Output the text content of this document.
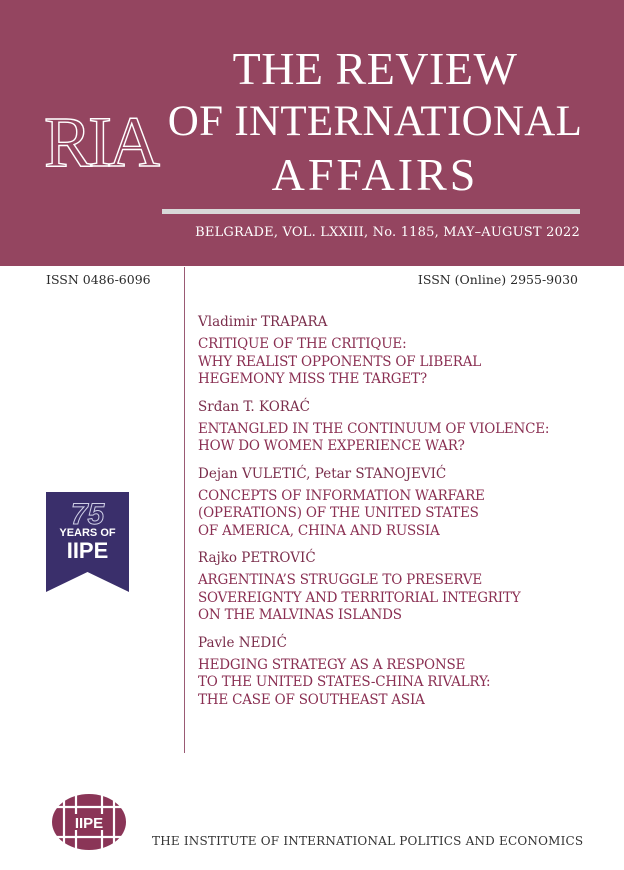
RIA
THE REVIEW
OF INTERNATIONAL
AFFAIRS
BELGRADE, VOL. LXXIII, No. 1185, MAY–AUGUST 2022
ISSN 0486-6096	ISSN (Online) 2955-9030
75
YEARS OF
IIPE
Vladimir TRAPARA
CRITIQUE OF THE CRITIQUE:
WHY REALIST OPPONENTS OF LIBERAL
HEGEMONY MISS THE TARGET?
Srđan T. KORAĆ
ENTANGLED IN THE CONTINUUM OF VIOLENCE:
HOW DO WOMEN EXPERIENCE WAR?
Dejan VULETIĆ, Petar STANOJEVIĆ
CONCEPTS OF INFORMATION WARFARE
(OPERATIONS) OF THE UNITED STATES
OF AMERICA, CHINA AND RUSSIA
Rajko PETROVIĆ
ARGENTINA’S STRUGGLE TO PRESERVE
SOVEREIGNTY AND TERRITORIAL INTEGRITY
ON THE MALVINAS ISLANDS
Pavle NEDIĆ
HEDGING STRATEGY AS A RESPONSE
TO THE UNITED STATES-CHINA RIVALRY:
THE CASE OF SOUTHEAST ASIA
IIPE
THE INSTITUTE OF INTERNATIONAL POLITICS AND ECONOMICS
